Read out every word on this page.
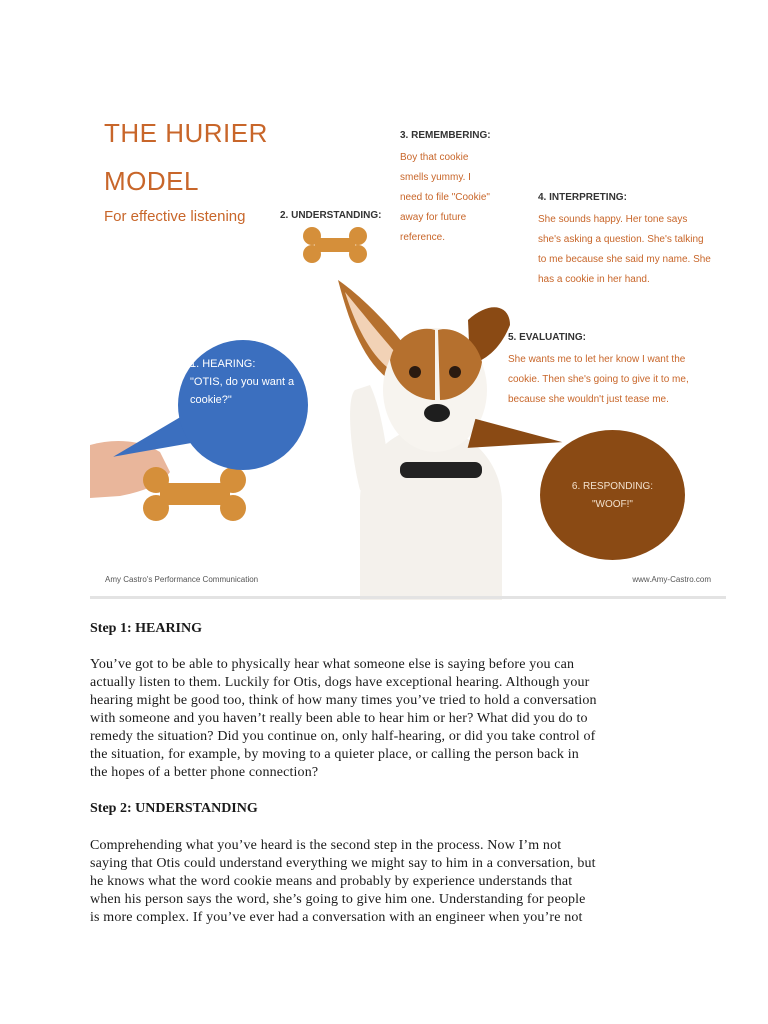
THE HURIER
MODEL
For effective listening	2. UNDERSTANDING:
3. REMEMBERING:
Boy that cookie smells yummy. I need to file "Cookie" away for future reference.
4. INTERPRETING:
She sounds happy. Her tone says she's asking a question. She's talking to me because she said my name. She has a cookie in her hand.
5. EVALUATING:
She wants me to let her know I want the cookie. Then she's going to give it to me, because she wouldn't just tease me.
1. HEARING:
"OTIS, do you want a cookie?"
6. RESPONDING:
"WOOF!"
Amy Castro's Performance Communication	www.Amy-Castro.com
Step 1: HEARING
You’ve got to be able to physically hear what someone else is saying before you can
actually listen to them. Luckily for Otis, dogs have exceptional hearing. Although your
hearing might be good too, think of how many times you’ve tried to hold a conversation
with someone and you haven’t really been able to hear him or her? What did you do to
remedy the situation? Did you continue on, only half-hearing, or did you take control of
the situation, for example, by moving to a quieter place, or calling the person back in
the hopes of a better phone connection?
Step 2: UNDERSTANDING
Comprehending what you’ve heard is the second step in the process. Now I’m not
saying that Otis could understand everything we might say to him in a conversation, but
he knows what the word cookie means and probably by experience understands that
when his person says the word, she’s going to give him one. Understanding for people
is more complex. If you’ve ever had a conversation with an engineer when you’re not
